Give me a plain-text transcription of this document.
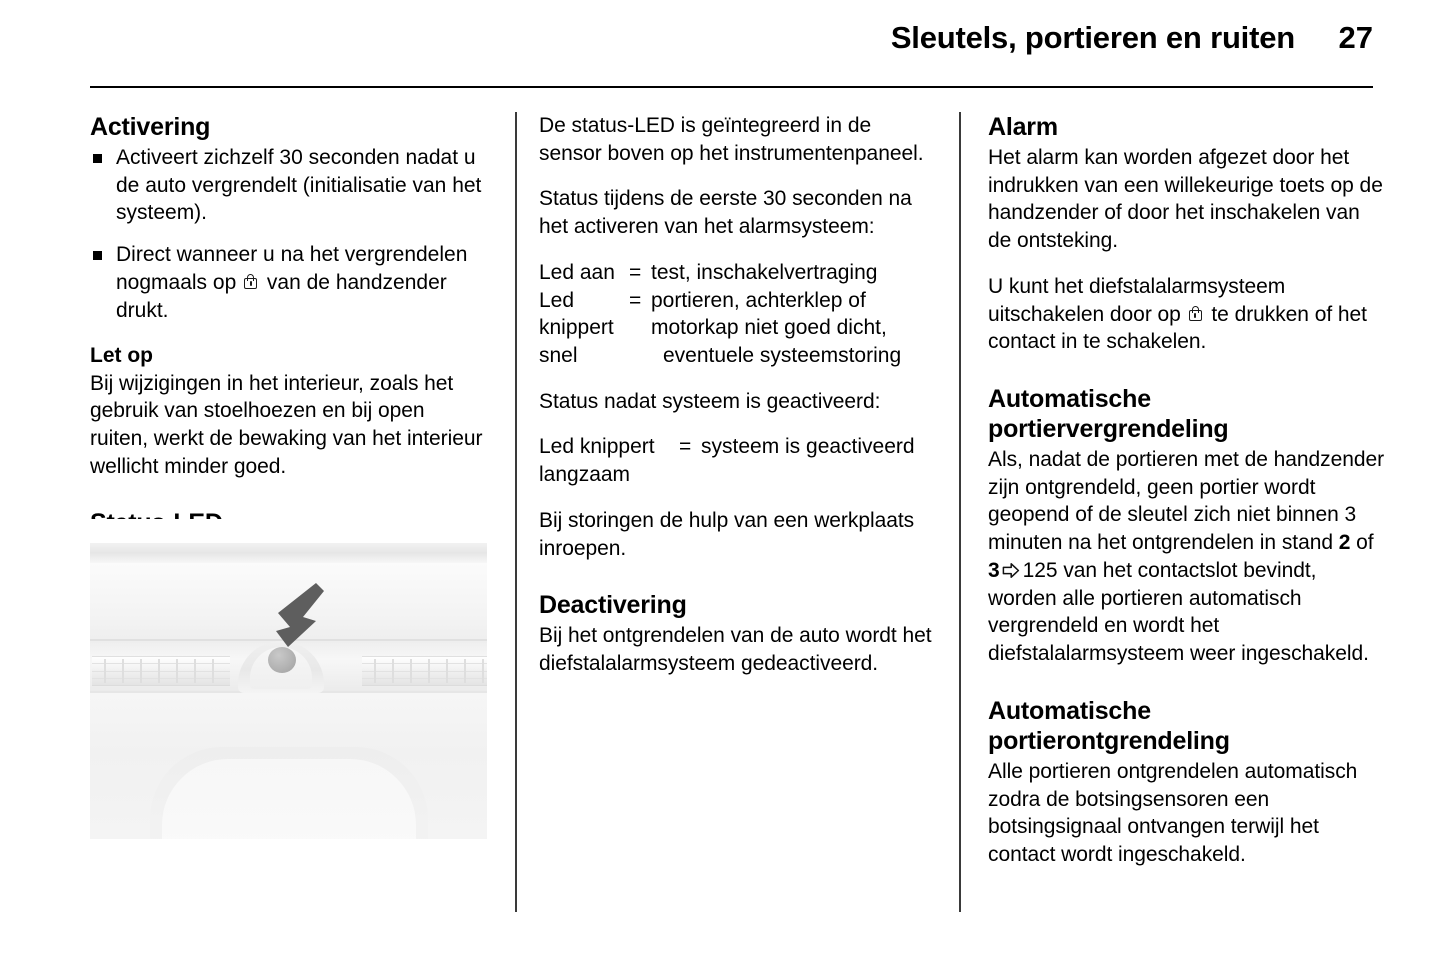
Sleutels, portieren en ruiten	27
Activering
Activeert zichzelf 30 seconden nadat u de auto vergrendelt (initialisatie van het systeem).
Direct wanneer u na het vergrendelen nogmaals op
van de handzender drukt.
Let op

Bij wijzigingen in het interieur, zoals het gebruik van stoelhoezen en bij open ruiten, werkt de bewaking van het interieur wellicht minder goed.

De status-LED is geïntegreerd in de sensor boven op het instrumentenpaneel.

Status tijdens de eerste 30 seconden na het activeren van het alarmsysteem:

Led aan = test, inschakelvertraging
Led knippert snel
= portieren, achterklep of motorkap niet goed dicht,
eventuele systeemstoring

Status nadat systeem is geactiveerd:

Led knippert langzaam
= systeem is geactiveerd

Bij storingen de hulp van een werkplaats inroepen.

Deactivering

Bij het ontgrendelen van de auto wordt het diefstalalarmsysteem gedeactiveerd.

Alarm

Het alarm kan worden afgezet door het indrukken van een willekeurige toets op de handzender of door het inschakelen van de ontsteking.

U kunt het diefstalalarmsysteem uitschakelen door op
te drukken of het contact in te schakelen.

Automatische portiervergrendeling

Als, nadat de portieren met de handzender zijn ontgrendeld, geen portier wordt geopend of de sleutel zich niet binnen 3 minuten na het ontgrendelen in stand 2 of 3 125 van het contactslot bevindt, worden alle portieren automatisch vergrendeld en wordt het diefstalalarmsysteem weer ingeschakeld.

Automatische portierontgrendeling

Alle portieren ontgrendelen automatisch zodra de botsingsensoren een botsingsignaal ontvangen terwijl het contact wordt ingeschakeld.
